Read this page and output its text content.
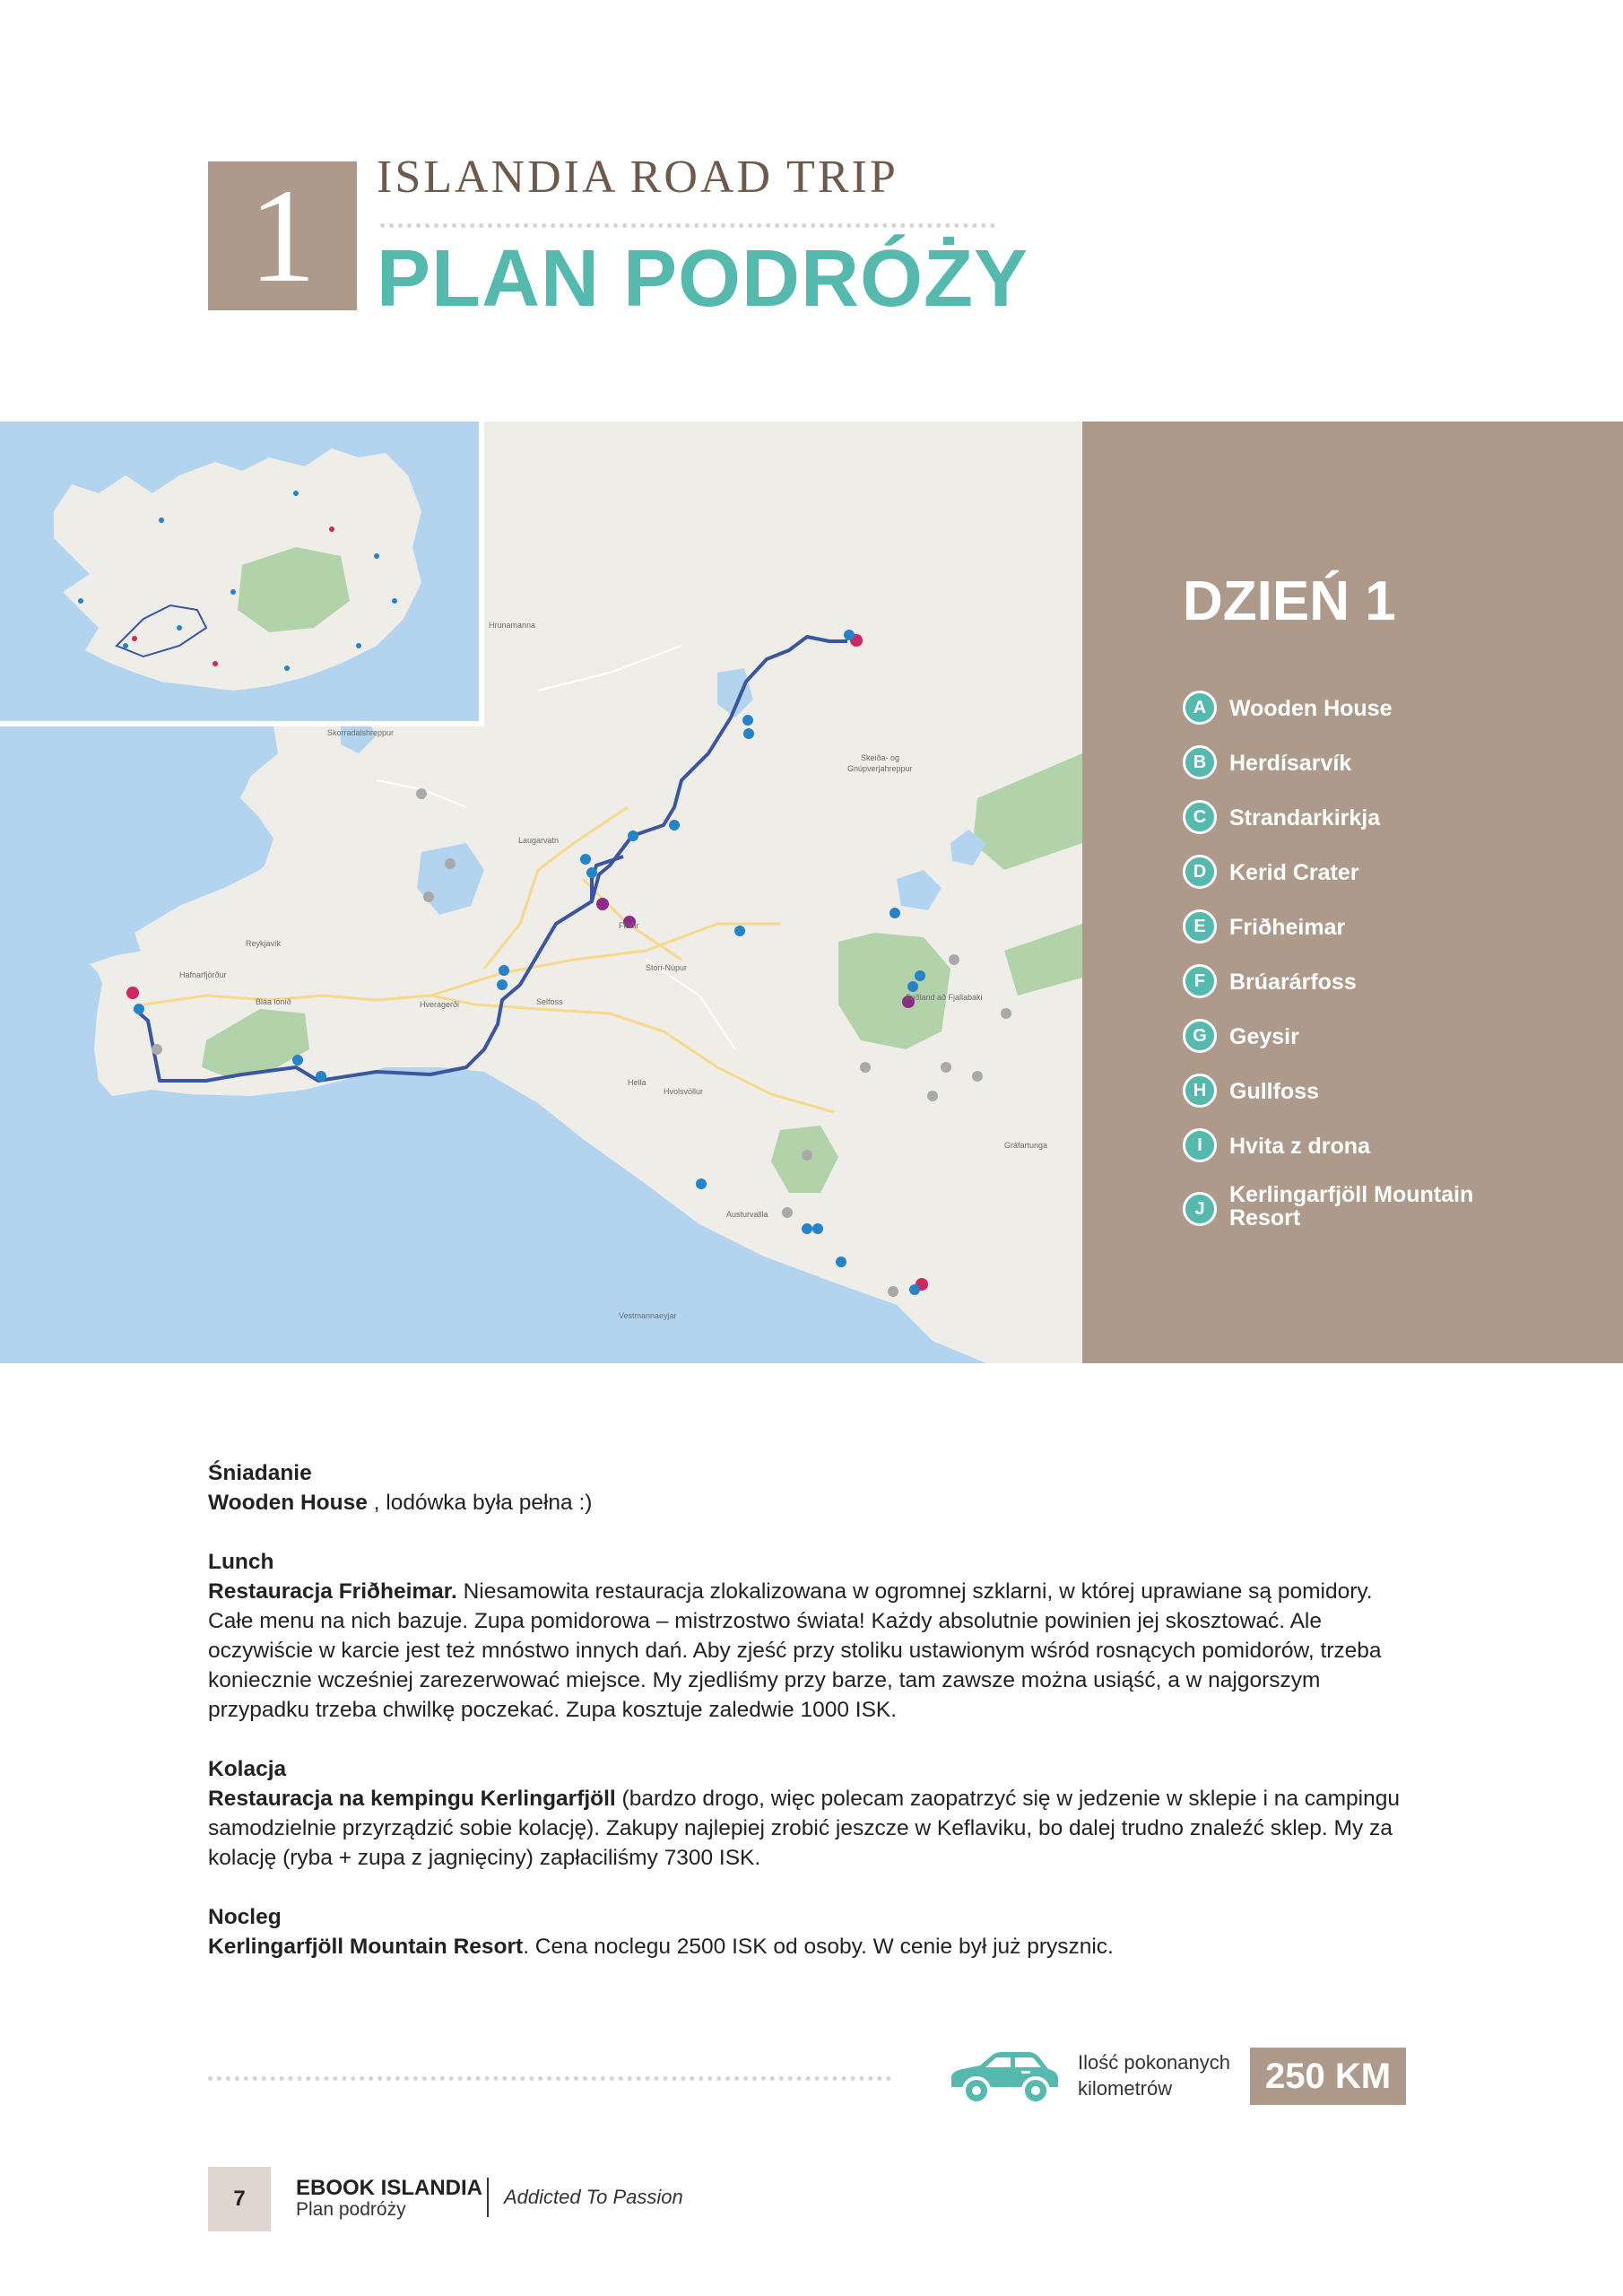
1 ISLANDIA ROAD TRIP
PLAN PODRÓŻY
Reykjavík
Hafnarfjörður
Bláa lónið	Hveragerði	Selfoss
Laugarvatn
Flúðir
Stóri-Núpur
Hella
Hvolsvöllur
Skeiða- og
Gnúpverjahreppur
Friðland að Fjallabaki
Vestmannaeyjar
Hrunamanna
Skorradalshreppur
Austurvallla
Gráfartunga
DZIEŃ 1
A	Wooden House
B	Herdísarvík
C	Strandarkirkja
D	Kerid Crater
E	Friðheimar
F	Brúarárfoss
G	Geysir
H	Gullfoss
I	Hvita z drona
J
Kerlingarfjöll Mountain Resort

Śniadanie
Wooden House , lodówka była pełna :)

Lunch
Restauracja Friðheimar. Niesamowita restauracja zlokalizowana w ogromnej szklarni, w której uprawiane są pomidory. Całe menu na nich bazuje. Zupa pomidorowa – mistrzostwo świata! Każdy absolutnie powinien jej skosztować. Ale oczywiście w karcie jest też mnóstwo innych dań. Aby zjeść przy stoliku ustawionym wśród rosnących pomidorów, trzeba koniecznie wcześniej zarezerwować miejsce. My zjedliśmy przy barze, tam zawsze można usiąść, a w najgorszym przypadku trzeba chwilkę poczekać. Zupa kosztuje zaledwie 1000 ISK.

Kolacja
Restauracja na kempingu Kerlingarfjöll (bardzo drogo, więc polecam zaopatrzyć się w jedzenie w sklepie i na campingu samodzielnie przyrządzić sobie kolację). Zakupy najlepiej zrobić jeszcze w Keflaviku, bo dalej trudno znaleźć sklep. My za kolację (ryba + zupa z jagnięciny) zapłaciliśmy 7300 ISK.

Nocleg
Kerlingarfjöll Mountain Resort. Cena noclegu 2500 ISK od osoby. W cenie był już prysznic.

Ilość pokonanych
kilometrów	250 KM
7	EBOOK ISLANDIA
Plan podróży
Addicted To Passion
